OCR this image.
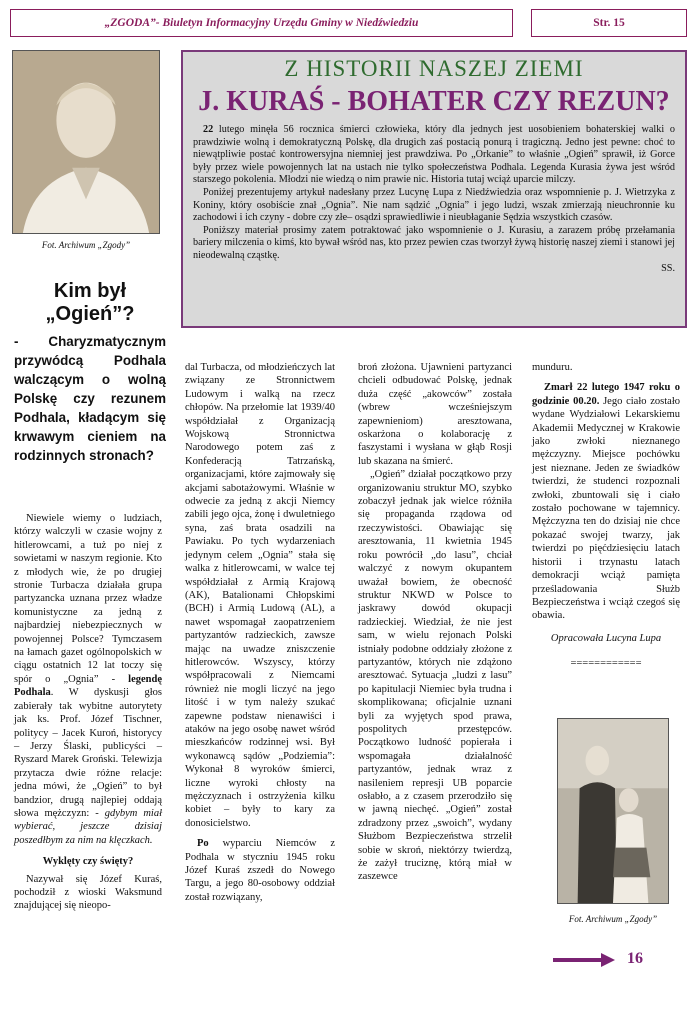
„ZGODA” - Biuletyn Informacyjny Urzędu Gminy w Niedźwiedziu	Str. 15
Fot. Archiwum „Zgody”
Z HISTORII NASZEJ ZIEMI
J. KURAŚ - BOHATER CZY REZUN?

22 lutego minęła 56 rocznica śmierci człowieka, który dla jednych jest uosobieniem bohaterskiej walki o prawdziwie wolną i demokratyczną Polskę, dla drugich zaś postacią ponurą i tragiczną. Jedno jest pewne: choć to niewątpliwie postać kontrowersyjna niemniej jest prawdziwa. Po „Orkanie” to właśnie „Ogień” sprawił, iż Gorce były przez wiele powojennych lat na ustach nie tylko społeczeństwa Podhala. Legenda Kurasia żywa jest wśród starszego pokolenia. Młodzi nie wiedzą o nim prawie nic. Historia tutaj wciąż uparcie milczy.

Poniżej prezentujemy artykuł nadesłany przez Lucynę Lupa z Niedźwiedzia oraz wspomnienie p. J. Wietrzyka z Koniny, który osobiście znał „Ognia”. Nie nam sądzić „Ognia” i jego ludzi, wszak zmierzają nieuchronnie ku zachodowi i ich czyny - dobre czy złe– osądzi sprawiedliwie i nieubłaganie Sędzia wszystkich czasów.

Poniższy materiał prosimy zatem potraktować jako wspomnienie o J. Kurasiu, a zarazem próbę przełamania bariery milczenia o kimś, kto bywał wśród nas, kto przez pewien czas tworzył żywą historię naszej ziemi i stanowi jej nieodewalną cząstkę.

SS.
Kim był
„Ogień”?
- Charyzmatycznym przywódcą Podhala walczącym o wolną Polskę czy rezunem Podhala, kładącym się krwawym cieniem na rodzinnych stronach?

Niewiele wiemy o ludziach, którzy walczyli w czasie wojny z hitlerowcami, a tuż po niej z sowietami w naszym regionie. Kto z młodych wie, że po drugiej stronie Turbacza działała grupa partyzancka uznana przez władze komunistyczne za jedną z najbardziej niebezpiecznych w powojennej Polsce? Tymczasem na łamach gazet ogólnopolskich w ciągu ostatnich 12 lat toczy się spór o „Ognia” - legendę Podhala. W dyskusji głos zabierały tak wybitne autorytety jak ks. Prof. Józef Tischner, politycy – Jacek Kuroń, historycy – Jerzy Ślaski, publicyści – Ryszard Marek Groński. Telewizja przytacza dwie różne relacje: jedna mówi, że „Ogień” to był bandzior, drugą najlepiej oddają słowa mężczyzn: - gdybym miał wybierać, jeszcze dzisiaj poszedłbym za nim na klęczkach.

Wyklęty czy święty?

Nazywał się Józef Kuraś, pochodził z wioski Waksmund znajdującej się nieopo-

dal Turbacza, od młodzieńczych lat związany ze Stronnictwem Ludowym i walką na rzecz chłopów. Na przełomie lat 1939/40 współdziałał z Organizacją Wojskową Stronnictwa Narodowego potem zaś z Konfederacją Tatrzańską, organizacjami, które zajmowały się akcjami sabotażowymi. Właśnie w odwecie za jedną z akcji Niemcy zabili jego ojca, żonę i dwuletniego syna, zaś brata osadzili na Pawiaku. Po tych wydarzeniach jedynym celem „Ognia” stała się walka z hitlerowcami, w walce tej współdziałał z Armią Krajową (AK), Batalionami Chłopskimi (BCH) i Armią Ludową (AL), a nawet wspomagał zaopatrzeniem partyzantów radzieckich, zawsze mając na uwadze zniszczenie hitlerowców. Wszyscy, którzy współpracowali z Niemcami również nie mogli liczyć na jego litość i w tym należy szukać zapewne podstaw nienawiści i ataków na jego osobę nawet wśród mieszkańców rodzinnej wsi. Był wykonawcą sądów „Podziemia”: Wykonał 8 wyroków śmierci, liczne wyroki chłosty na mężczyznach i ostrzyżenia kilku kobiet – były to kary za donosicielstwo.

Po wyparciu Niemców z Podhala w styczniu 1945 roku Józef Kuraś zszedł do Nowego Targu, a jego 80-osobowy oddział został rozwiązany,

broń złożona. Ujawnieni partyzanci chcieli odbudować Polskę, jednak duża część „akowców” została (wbrew wcześniejszym zapewnieniom) aresztowana, oskarżona o kolaborację z faszystami i wysłana w głąb Rosji lub skazana na śmierć.

„Ogień” działał początkowo przy organizowaniu struktur MO, szybko zobaczył jednak jak wielce różniła się propaganda rządowa od rzeczywistości. Obawiając się aresztowania, 11 kwietnia 1945 roku powrócił „do lasu”, chciał walczyć z nowym okupantem uważał bowiem, że obecność struktur NKWD w Polsce to jaskrawy dowód okupacji radzieckiej. Wiedział, że nie jest sam, w wielu rejonach Polski istniały podobne oddziały złożone z partyzantów, których nie zdążono aresztować. Sytuacja „ludzi z lasu” po kapitulacji Niemiec była trudna i skomplikowana; oficjalnie uznani byli za wyjętych spod prawa, pospolitych przestępców. Początkowo ludność popierała i wspomagała działalność partyzantów, jednak wraz z nasileniem represji UB poparcie osłabło, a z czasem przerodziło się w jawną niechęć. „Ogień” został zdradzony przez „swoich”, wydany Służbom Bezpieczeństwa strzelił sobie w skroń, niektórzy twierdzą, że zażył truciznę, którą miał w zaszewce

munduru.

Zmarł 22 lutego 1947 roku o godzinie 00.20. Jego ciało zostało wydane Wydziałowi Lekarskiemu Akademii Medycznej w Krakowie jako zwłoki nieznanego mężczyzny. Miejsce pochówku jest nieznane. Jeden ze świadków twierdzi, że studenci rozpoznali zwłoki, zbuntowali się i ciało zostało pochowane w tajemnicy. Mężczyzna ten do dzisiaj nie chce pokazać swojej twarzy, jak twierdzi po pięćdziesięciu latach historii i trzynastu latach demokracji wciąż pamięta prześladowania Służb Bezpieczeństwa i wciąż czegoś się obawia.

Opracowała Lucyna Lupa
============
Fot. Archiwum „Zgody”
16
